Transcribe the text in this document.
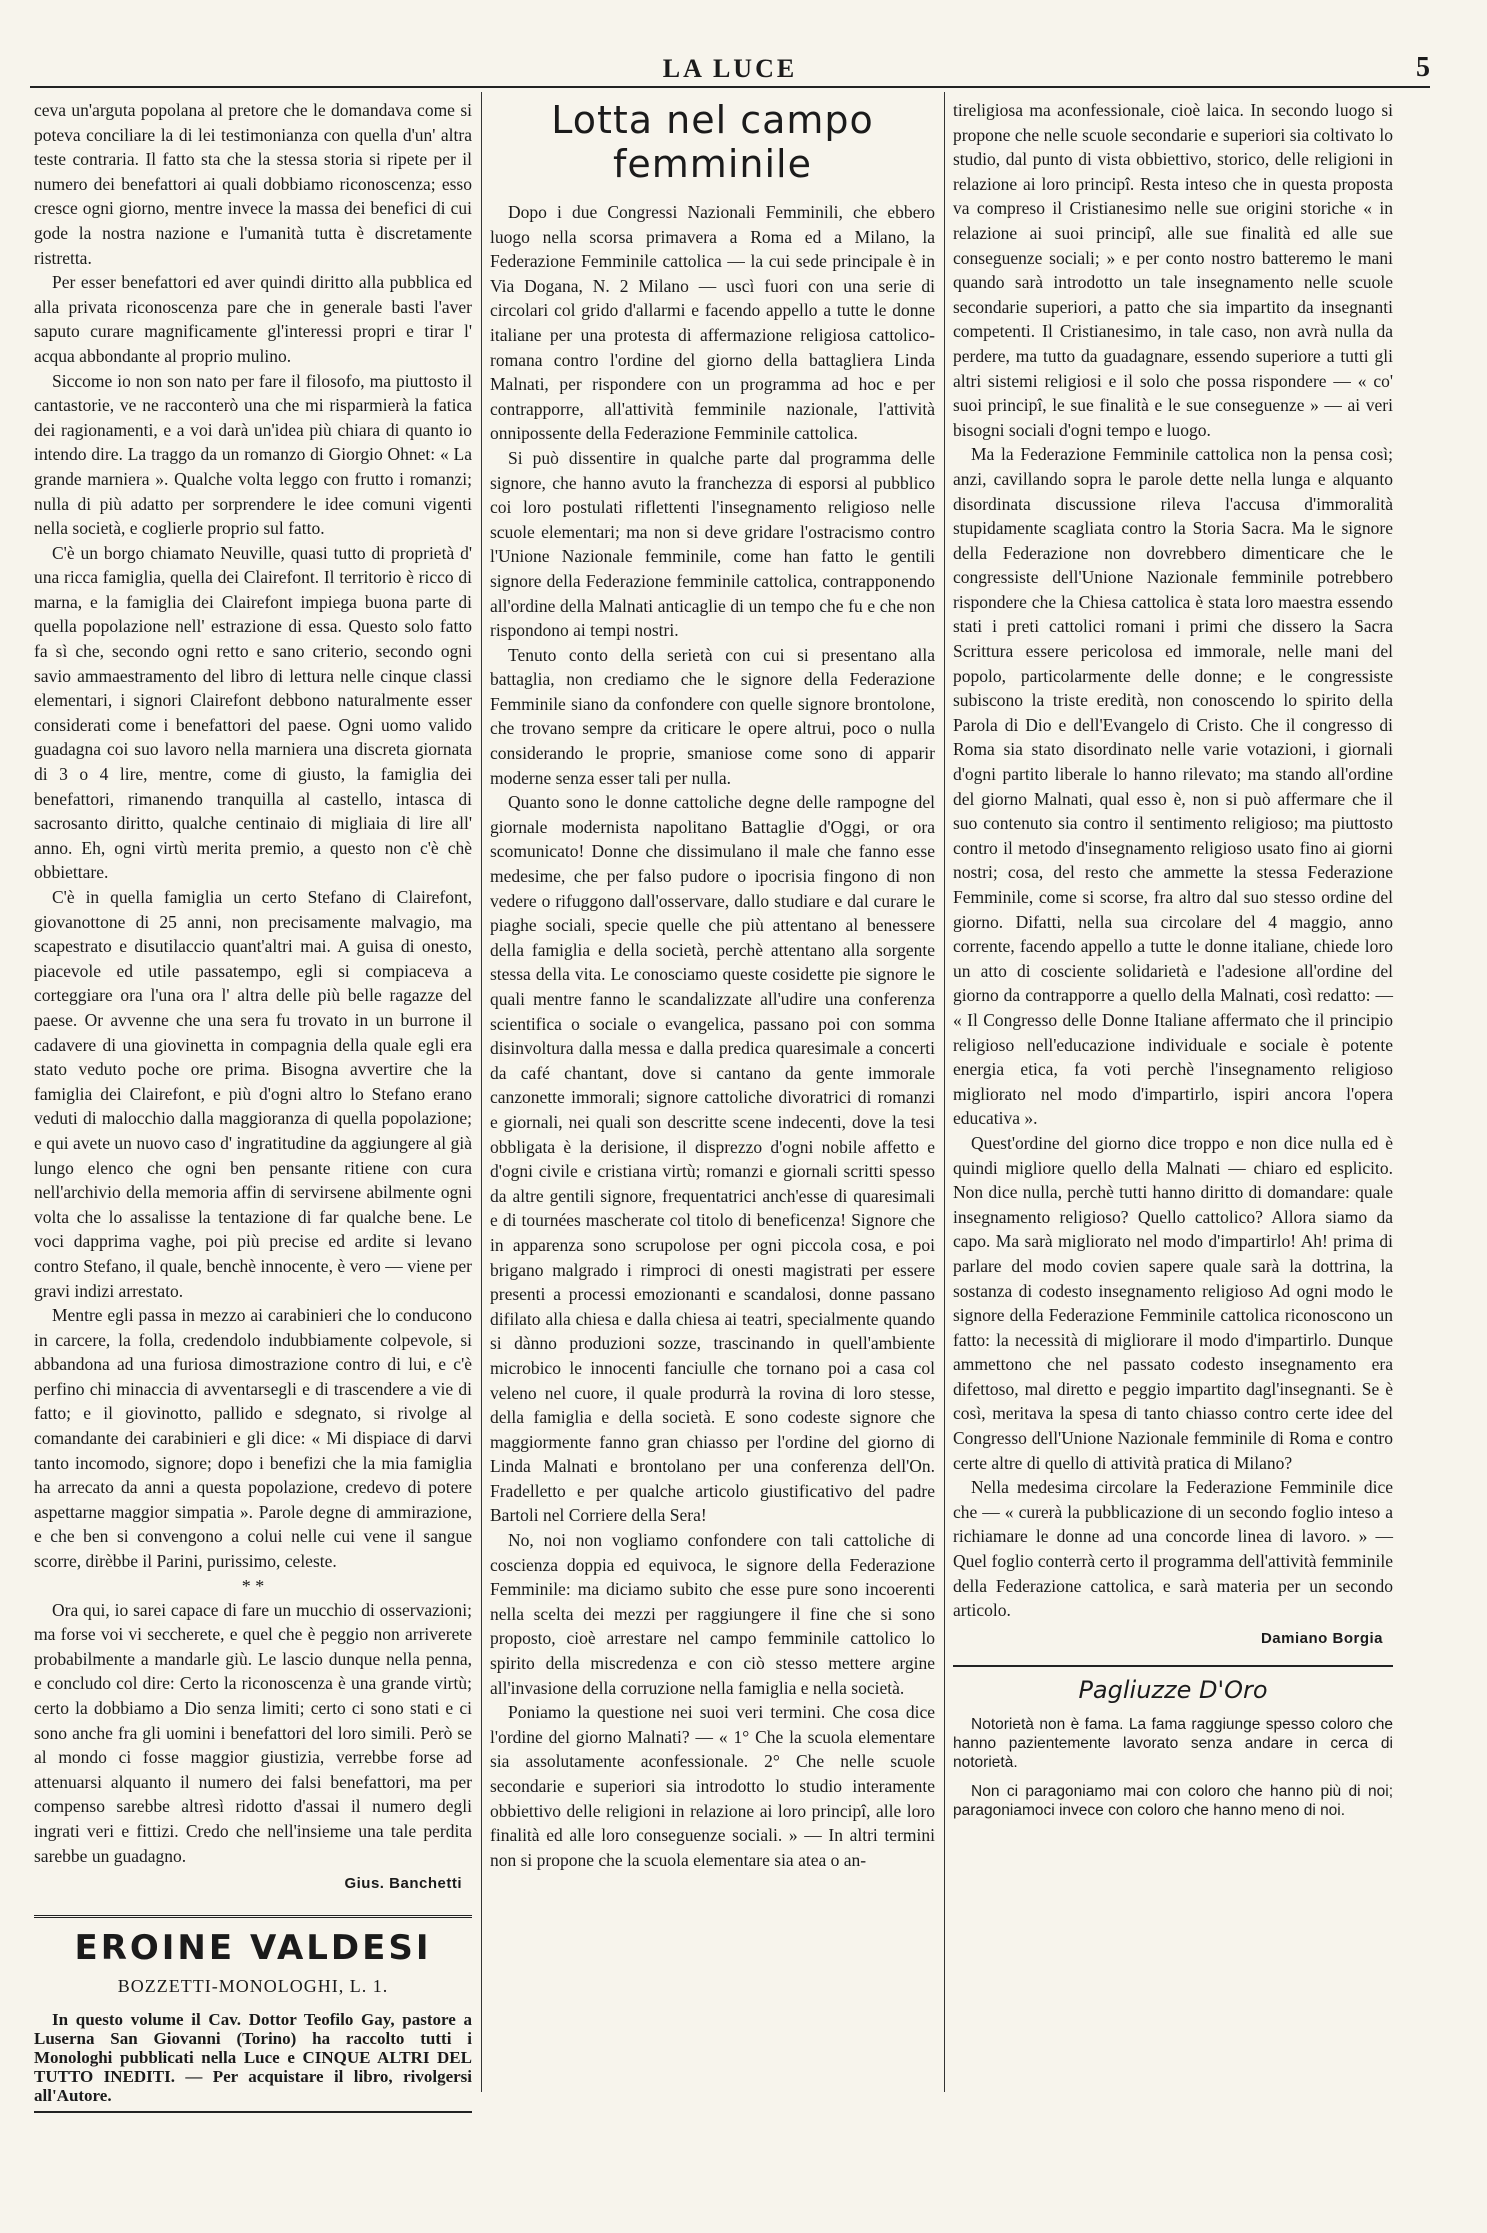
LA LUCE	5

ceva un'arguta popolana al pretore che le domandava come si poteva conciliare la di lei testimonianza con quella d'un' altra teste contraria. Il fatto sta che la stessa storia si ripete per il numero dei benefattori ai quali dobbiamo riconoscenza; esso cresce ogni giorno, mentre invece la massa dei benefici di cui gode la nostra nazione e l'umanità tutta è discretamente ristretta.

Per esser benefattori ed aver quindi diritto alla pubblica ed alla privata riconoscenza pare che in generale basti l'aver saputo curare magnificamente gl'interessi propri e tirar l' acqua abbondante al proprio mulino.

Siccome io non son nato per fare il filosofo, ma piuttosto il cantastorie, ve ne racconterò una che mi risparmierà la fatica dei ragionamenti, e a voi darà un'idea più chiara di quanto io intendo dire. La traggo da un romanzo di Giorgio Ohnet: « La grande marniera ». Qualche volta leggo con frutto i romanzi; nulla di più adatto per sorprendere le idee comuni vigenti nella società, e coglierle proprio sul fatto.

C'è un borgo chiamato Neuville, quasi tutto di proprietà d' una ricca famiglia, quella dei Clairefont. Il territorio è ricco di marna, e la famiglia dei Clairefont impiega buona parte di quella popolazione nell' estrazione di essa. Questo solo fatto fa sì che, secondo ogni retto e sano criterio, secondo ogni savio ammaestramento del libro di lettura nelle cinque classi elementari, i signori Clairefont debbono naturalmente esser considerati come i benefattori del paese. Ogni uomo valido guadagna coi suo lavoro nella marniera una discreta giornata di 3 o 4 lire, mentre, come di giusto, la famiglia dei benefattori, rimanendo tranquilla al castello, intasca di sacrosanto diritto, qualche centinaio di migliaia di lire all' anno. Eh, ogni virtù merita premio, a questo non c'è chè obbiettare.

C'è in quella famiglia un certo Stefano di Clairefont, giovanottone di 25 anni, non precisamente malvagio, ma scapestrato e disutilaccio quant'altri mai. A guisa di onesto, piacevole ed utile passatempo, egli si compiaceva a corteggiare ora l'una ora l' altra delle più belle ragazze del paese. Or avvenne che una sera fu trovato in un burrone il cadavere di una giovinetta in compagnia della quale egli era stato veduto poche ore prima. Bisogna avvertire che la famiglia dei Clairefont, e più d'ogni altro lo Stefano erano veduti di malocchio dalla maggioranza di quella popolazione; e qui avete un nuovo caso d' ingratitudine da aggiungere al già lungo elenco che ogni ben pensante ritiene con cura nell'archivio della memoria affin di servirsene abilmente ogni volta che lo assalisse la tentazione di far qualche bene. Le voci dapprima vaghe, poi più precise ed ardite si levano contro Stefano, il quale, benchè innocente, è vero — viene per gravi indizi arrestato.

Mentre egli passa in mezzo ai carabinieri che lo conducono in carcere, la folla, credendolo indubbiamente colpevole, si abbandona ad una furiosa dimostrazione contro di lui, e c'è perfino chi minaccia di avventarsegli e di trascendere a vie di fatto; e il giovinotto, pallido e sdegnato, si rivolge al comandante dei carabinieri e gli dice: « Mi dispiace di darvi tanto incomodo, signore; dopo i benefizi che la mia famiglia ha arrecato da anni a questa popolazione, credevo di potere aspettarne maggior simpatia ». Parole degne di ammirazione, e che ben si convengono a colui nelle cui vene il sangue scorre, dirèbbe il Parini, purissimo, celeste.

* *

Ora qui, io sarei capace di fare un mucchio di osservazioni; ma forse voi vi seccherete, e quel che è peggio non arriverete probabilmente a mandarle giù. Le lascio dunque nella penna, e concludo col dire: Certo la riconoscenza è una grande virtù; certo la dobbiamo a Dio senza limiti; certo ci sono stati e ci sono anche fra gli uomini i benefattori del loro simili. Però se al mondo ci fosse maggior giustizia, verrebbe forse ad attenuarsi alquanto il numero dei falsi benefattori, ma per compenso sarebbe altresì ridotto d'assai il numero degli ingrati veri e fittizi. Credo che nell'insieme una tale perdita sarebbe un guadagno.

Gius. Banchetti

EROINE VALDESI
BOZZETTI-MONOLOGHI, L. 1.

In questo volume il Cav. Dottor Teofilo Gay, pastore a Luserna San Giovanni (Torino) ha raccolto tutti i Monologhi pubblicati nella Luce e CINQUE ALTRI DEL TUTTO INEDITI. — Per acquistare il libro, rivolgersi all'Autore.

Lotta nel campo femminile

Dopo i due Congressi Nazionali Femminili, che ebbero luogo nella scorsa primavera a Roma ed a Milano, la Federazione Femminile cattolica — la cui sede principale è in Via Dogana, N. 2 Milano — uscì fuori con una serie di circolari col grido d'allarmi e facendo appello a tutte le donne italiane per una protesta di affermazione religiosa cattolico-romana contro l'ordine del giorno della battagliera Linda Malnati, per rispondere con un programma ad hoc e per contrapporre, all'attività femminile nazionale, l'attività onnipossente della Federazione Femminile cattolica.

Si può dissentire in qualche parte dal programma delle signore, che hanno avuto la franchezza di esporsi al pubblico coi loro postulati riflettenti l'insegnamento religioso nelle scuole elementari; ma non si deve gridare l'ostracismo contro l'Unione Nazionale femminile, come han fatto le gentili signore della Federazione femminile cattolica, contrapponendo all'ordine della Malnati anticaglie di un tempo che fu e che non rispondono ai tempi nostri.

Tenuto conto della serietà con cui si presentano alla battaglia, non crediamo che le signore della Federazione Femminile siano da confondere con quelle signore brontolone, che trovano sempre da criticare le opere altrui, poco o nulla considerando le proprie, smaniose come sono di apparir moderne senza esser tali per nulla.

Quanto sono le donne cattoliche degne delle rampogne del giornale modernista napolitano Battaglie d'Oggi, or ora scomunicato! Donne che dissimulano il male che fanno esse medesime, che per falso pudore o ipocrisia fingono di non vedere o rifuggono dall'osservare, dallo studiare e dal curare le piaghe sociali, specie quelle che più attentano al benessere della famiglia e della società, perchè attentano alla sorgente stessa della vita. Le conosciamo queste cosidette pie signore le quali mentre fanno le scandalizzate all'udire una conferenza scientifica o sociale o evangelica, passano poi con somma disinvoltura dalla messa e dalla predica quaresimale a concerti da café chantant, dove si cantano da gente immorale canzonette immorali; signore cattoliche divoratrici di romanzi e giornali, nei quali son descritte scene indecenti, dove la tesi obbligata è la derisione, il disprezzo d'ogni nobile affetto e d'ogni civile e cristiana virtù; romanzi e giornali scritti spesso da altre gentili signore, frequentatrici anch'esse di quaresimali e di tournées mascherate col titolo di beneficenza! Signore che in apparenza sono scrupolose per ogni piccola cosa, e poi brigano malgrado i rimproci di onesti magistrati per essere presenti a processi emozionanti e scandalosi, donne passano difilato alla chiesa e dalla chiesa ai teatri, specialmente quando si dànno produzioni sozze, trascinando in quell'ambiente microbico le innocenti fanciulle che tornano poi a casa col veleno nel cuore, il quale produrrà la rovina di loro stesse, della famiglia e della società. E sono codeste signore che maggiormente fanno gran chiasso per l'ordine del giorno di Linda Malnati e brontolano per una conferenza dell'On. Fradelletto e per qualche articolo giustificativo del padre Bartoli nel Corriere della Sera!

No, noi non vogliamo confondere con tali cattoliche di coscienza doppia ed equivoca, le signore della Federazione Femminile: ma diciamo subito che esse pure sono incoerenti nella scelta dei mezzi per raggiungere il fine che si sono proposto, cioè arrestare nel campo femminile cattolico lo spirito della miscredenza e con ciò stesso mettere argine all'invasione della corruzione nella famiglia e nella società.

Poniamo la questione nei suoi veri termini. Che cosa dice l'ordine del giorno Malnati? — « 1° Che la scuola elementare sia assolutamente aconfessionale. 2° Che nelle scuole secondarie e superiori sia introdotto lo studio interamente obbiettivo delle religioni in relazione ai loro principî, alle loro finalità ed alle loro conseguenze sociali. » — In altri termini non si propone che la scuola elementare sia atea o an-

tireligiosa ma aconfessionale, cioè laica. In secondo luogo si propone che nelle scuole secondarie e superiori sia coltivato lo studio, dal punto di vista obbiettivo, storico, delle religioni in relazione ai loro principî. Resta inteso che in questa proposta va compreso il Cristianesimo nelle sue origini storiche « in relazione ai suoi principî, alle sue finalità ed alle sue conseguenze sociali; » e per conto nostro batteremo le mani quando sarà introdotto un tale insegnamento nelle scuole secondarie superiori, a patto che sia impartito da insegnanti competenti. Il Cristianesimo, in tale caso, non avrà nulla da perdere, ma tutto da guadagnare, essendo superiore a tutti gli altri sistemi religiosi e il solo che possa rispondere — « co' suoi principî, le sue finalità e le sue conseguenze » — ai veri bisogni sociali d'ogni tempo e luogo.

Ma la Federazione Femminile cattolica non la pensa così; anzi, cavillando sopra le parole dette nella lunga e alquanto disordinata discussione rileva l'accusa d'immoralità stupidamente scagliata contro la Storia Sacra. Ma le signore della Federazione non dovrebbero dimenticare che le congressiste dell'Unione Nazionale femminile potrebbero rispondere che la Chiesa cattolica è stata loro maestra essendo stati i preti cattolici romani i primi che dissero la Sacra Scrittura essere pericolosa ed immorale, nelle mani del popolo, particolarmente delle donne; e le congressiste subiscono la triste eredità, non conoscendo lo spirito della Parola di Dio e dell'Evangelo di Cristo. Che il congresso di Roma sia stato disordinato nelle varie votazioni, i giornali d'ogni partito liberale lo hanno rilevato; ma stando all'ordine del giorno Malnati, qual esso è, non si può affermare che il suo contenuto sia contro il sentimento religioso; ma piuttosto contro il metodo d'insegnamento religioso usato fino ai giorni nostri; cosa, del resto che ammette la stessa Federazione Femminile, come si scorse, fra altro dal suo stesso ordine del giorno. Difatti, nella sua circolare del 4 maggio, anno corrente, facendo appello a tutte le donne italiane, chiede loro un atto di cosciente solidarietà e l'adesione all'ordine del giorno da contrapporre a quello della Malnati, così redatto: — « Il Congresso delle Donne Italiane affermato che il principio religioso nell'educazione individuale e sociale è potente energia etica, fa voti perchè l'insegnamento religioso migliorato nel modo d'impartirlo, ispiri ancora l'opera educativa ».

Quest'ordine del giorno dice troppo e non dice nulla ed è quindi migliore quello della Malnati — chiaro ed esplicito. Non dice nulla, perchè tutti hanno diritto di domandare: quale insegnamento religioso? Quello cattolico? Allora siamo da capo. Ma sarà migliorato nel modo d'impartirlo! Ah! prima di parlare del modo covien sapere quale sarà la dottrina, la sostanza di codesto insegnamento religioso Ad ogni modo le signore della Federazione Femminile cattolica riconoscono un fatto: la necessità di migliorare il modo d'impartirlo. Dunque ammettono che nel passato codesto insegnamento era difettoso, mal diretto e peggio impartito dagl'insegnanti. Se è così, meritava la spesa di tanto chiasso contro certe idee del Congresso dell'Unione Nazionale femminile di Roma e contro certe altre di quello di attività pratica di Milano?

Nella medesima circolare la Federazione Femminile dice che — « curerà la pubblicazione di un secondo foglio inteso a richiamare le donne ad una concorde linea di lavoro. » — Quel foglio conterrà certo il programma dell'attività femminile della Federazione cattolica, e sarà materia per un secondo articolo.

Damiano Borgia

Pagliuzze D'Oro

Notorietà non è fama. La fama raggiunge spesso coloro che hanno pazientemente lavorato senza andare in cerca di notorietà.

Non ci paragoniamo mai con coloro che hanno più di noi; paragoniamoci invece con coloro che hanno meno di noi.
